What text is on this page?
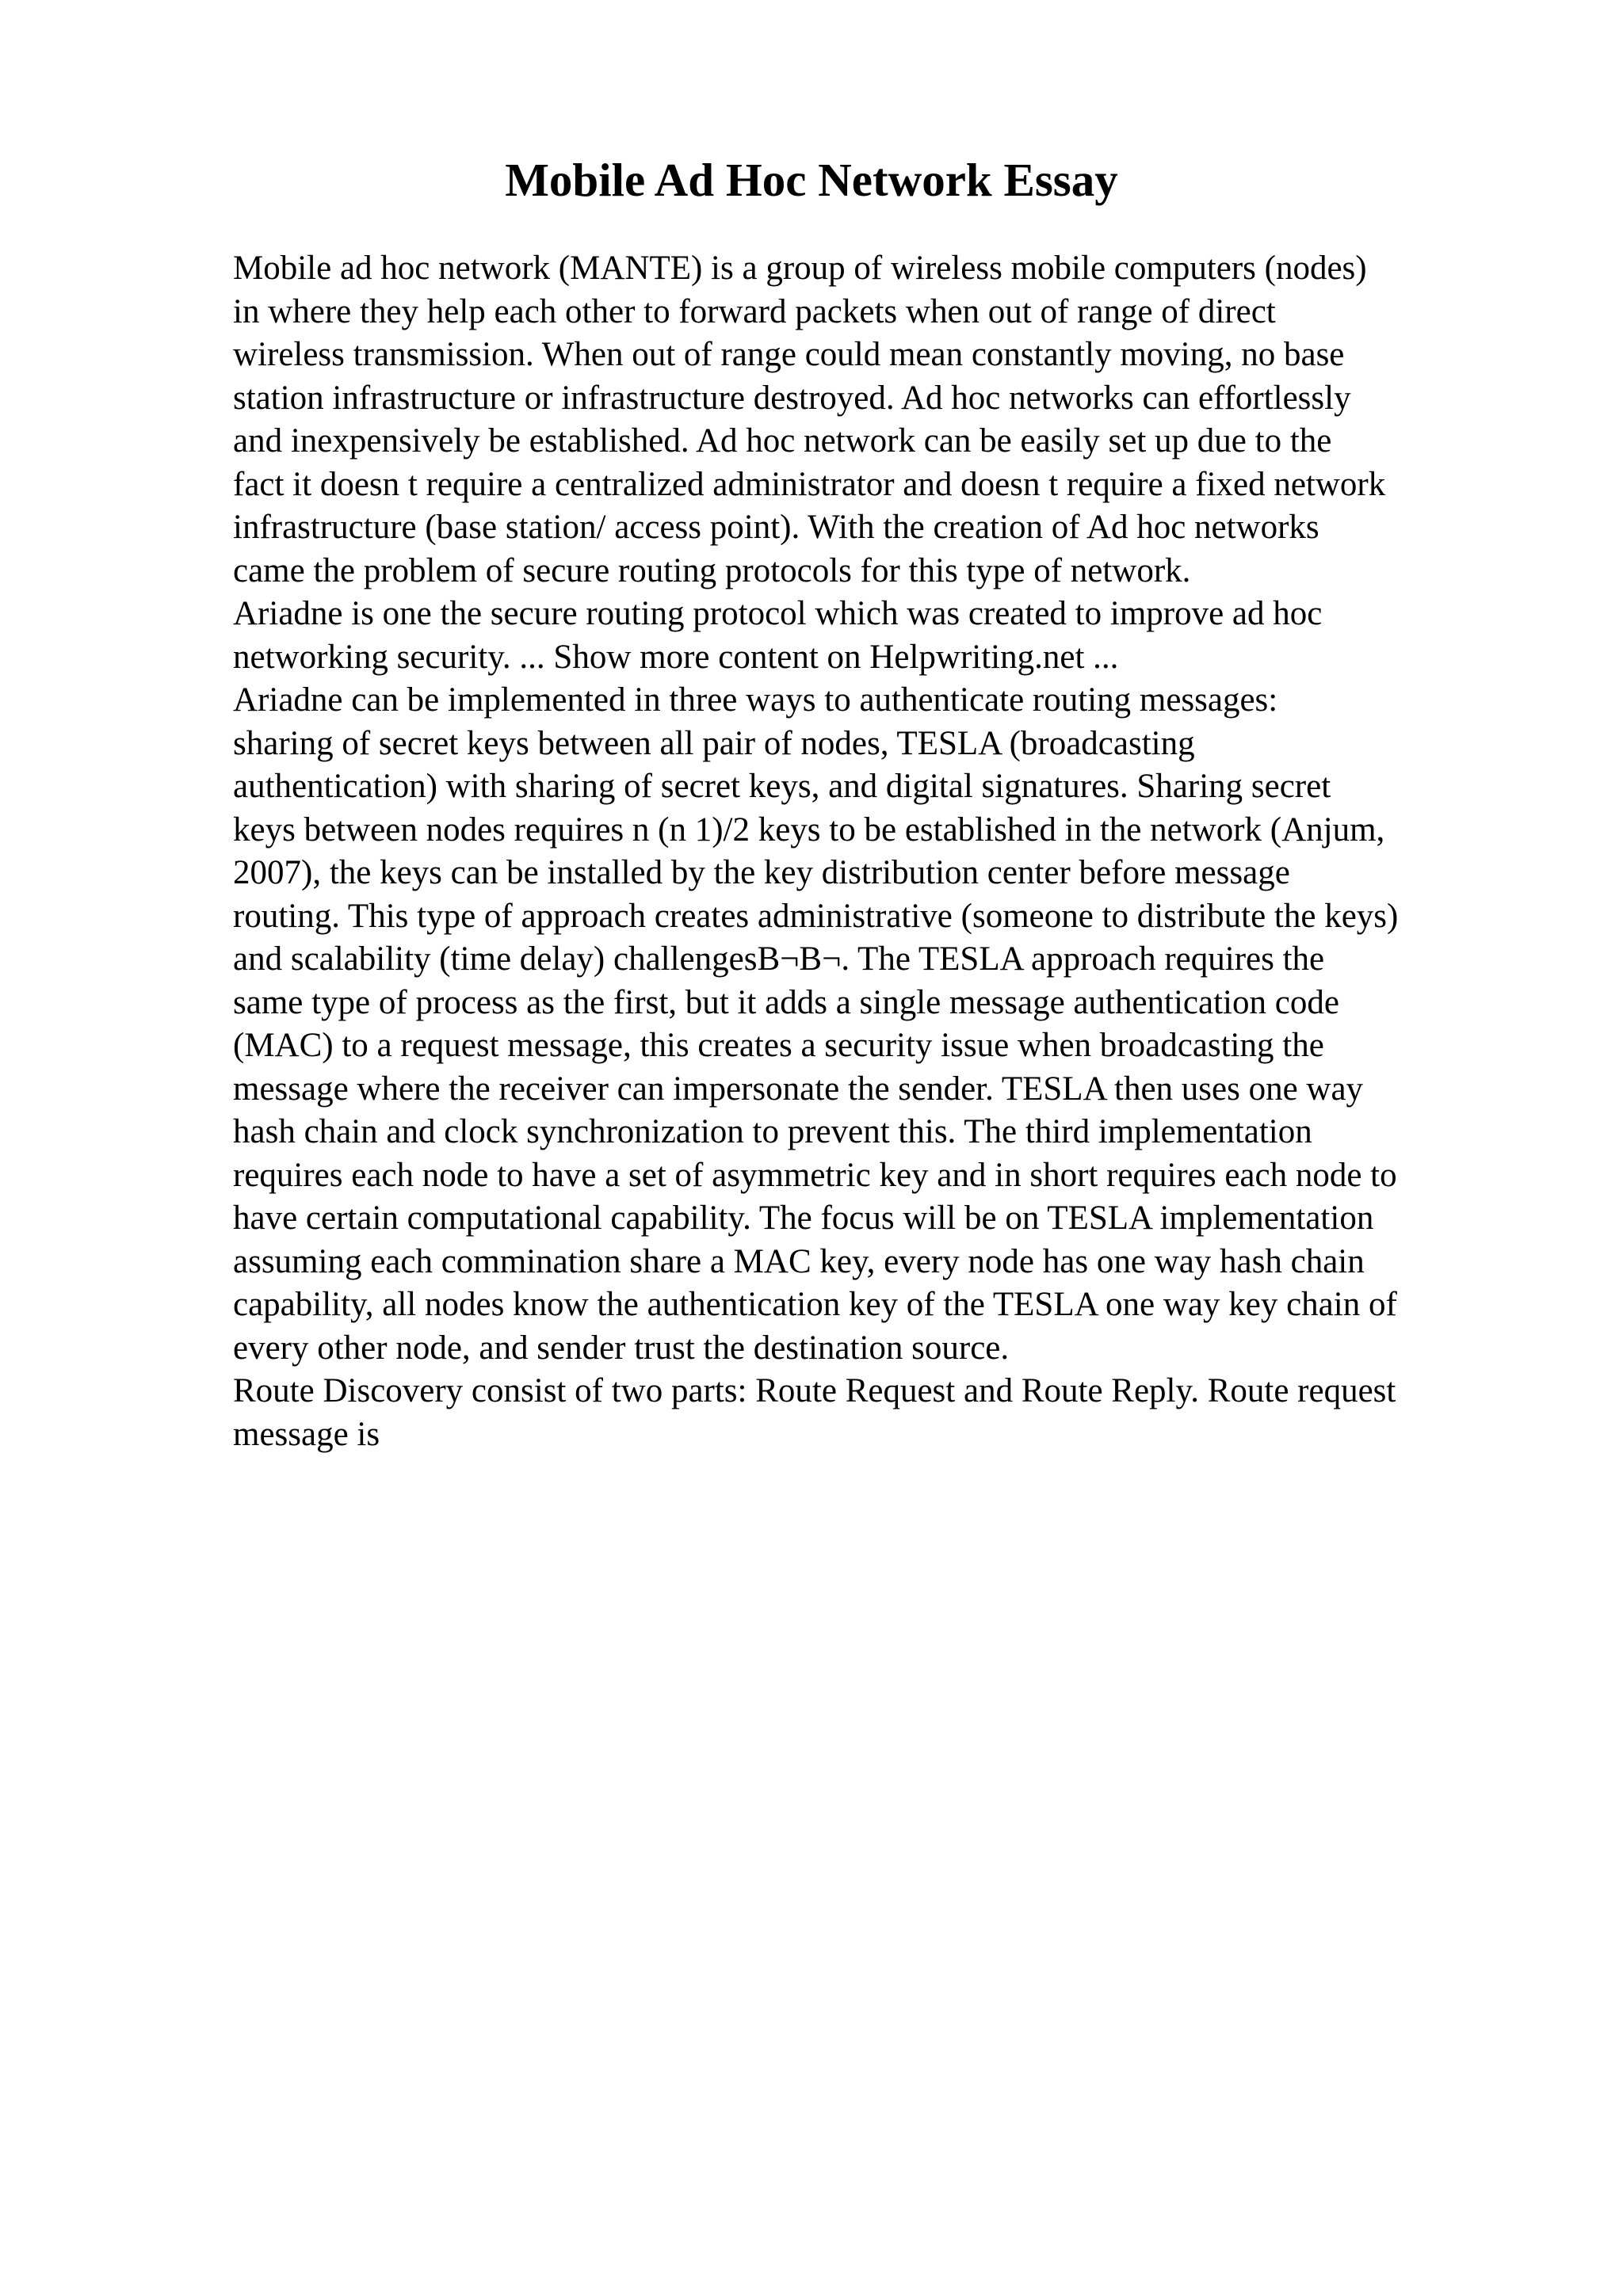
Mobile Ad Hoc Network Essay
Mobile ad hoc network (MANTE) is a group of wireless mobile computers (nodes)
in where they help each other to forward packets when out of range of direct
wireless transmission. When out of range could mean constantly moving, no base
station infrastructure or infrastructure destroyed. Ad hoc networks can effortlessly
and inexpensively be established. Ad hoc network can be easily set up due to the
fact it doesn t require a centralized administrator and doesn t require a fixed network
infrastructure (base station/ access point). With the creation of Ad hoc networks
came the problem of secure routing protocols for this type of network.
Ariadne is one the secure routing protocol which was created to improve ad hoc
networking security. ... Show more content on Helpwriting.net ...
Ariadne can be implemented in three ways to authenticate routing messages:
sharing of secret keys between all pair of nodes, TESLA (broadcasting
authentication) with sharing of secret keys, and digital signatures. Sharing secret
keys between nodes requires n (n 1)/2 keys to be established in the network (Anjum,
2007), the keys can be installed by the key distribution center before message
routing. This type of approach creates administrative (someone to distribute the keys)
and scalability (time delay) challengesB¬B¬. The TESLA approach requires the
same type of process as the first, but it adds a single message authentication code
(MAC) to a request message, this creates a security issue when broadcasting the
message where the receiver can impersonate the sender. TESLA then uses one way
hash chain and clock synchronization to prevent this. The third implementation
requires each node to have a set of asymmetric key and in short requires each node to
have certain computational capability. The focus will be on TESLA implementation
assuming each commination share a MAC key, every node has one way hash chain
capability, all nodes know the authentication key of the TESLA one way key chain of
every other node, and sender trust the destination source.
Route Discovery consist of two parts: Route Request and Route Reply. Route request
message is
